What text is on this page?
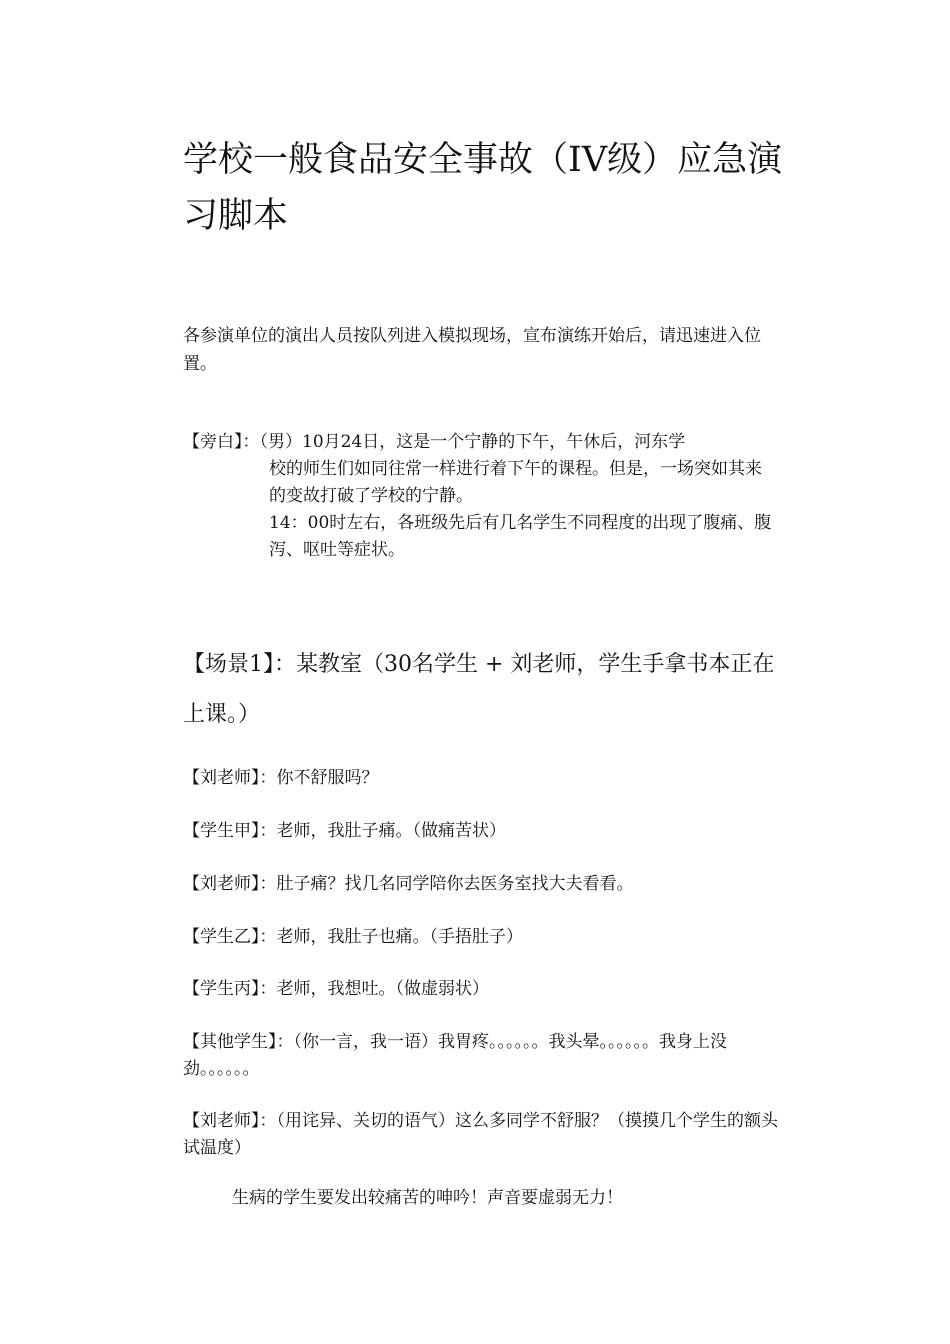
学校一般食品安全事故（IV级）应急演习脚本

各参演单位的演出人员按队列进入模拟现场，宣布演练开始后，请迅速进入位置。

【旁白】：（男）10月24日，这是一个宁静的下午，午休后，河东学
校的师生们如同往常一样进行着下午的课程。但是，一场突如其来的变故打破了学校的宁静。
14：00时左右，各班级先后有几名学生不同程度的出现了腹痛、腹泻、呕吐等症状。

【场景1】：某教室（30名学生 + 刘老师，学生手拿书本正在上课。）

【刘老师】：你不舒服吗？

【学生甲】：老师，我肚子痛。（做痛苦状）

【刘老师】：肚子痛？找几名同学陪你去医务室找大夫看看。

【学生乙】：老师，我肚子也痛。（手捂肚子）

【学生丙】：老师，我想吐。（做虚弱状）

【其他学生】：（你一言，我一语）我胃疼。。。。。。我头晕。。。。。。我身上没劲。。。。。。

【刘老师】：（用诧异、关切的语气）这么多同学不舒服？（摸摸几个学生的额头试温度）

生病的学生要发出较痛苦的呻吟！声音要虚弱无力！
